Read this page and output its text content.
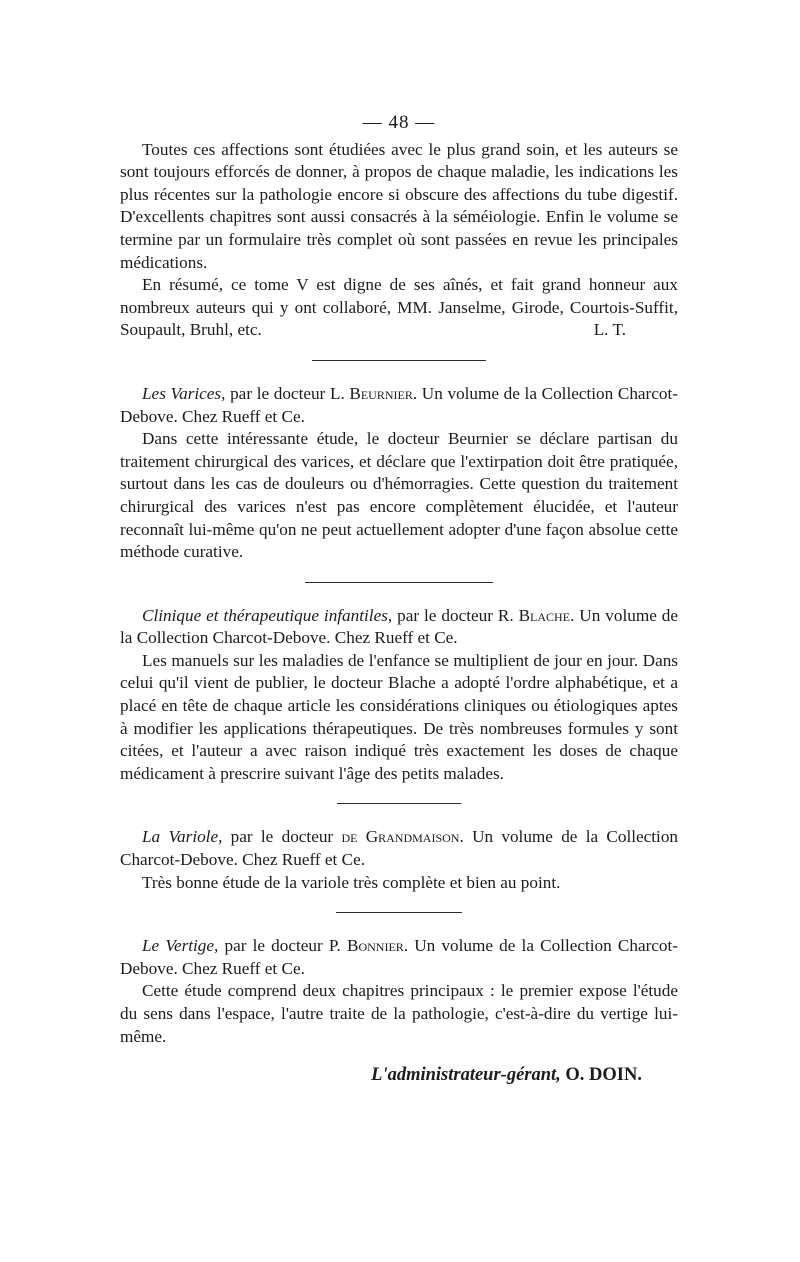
— 48 —

Toutes ces affections sont étudiées avec le plus grand soin, et les auteurs se sont toujours efforcés de donner, à propos de chaque maladie, les indications les plus récentes sur la pathologie encore si obscure des affections du tube digestif. D'excellents chapitres sont aussi consacrés à la séméiologie. Enfin le volume se termine par un formulaire très complet où sont passées en revue les principales médications.

En résumé, ce tome V est digne de ses aînés, et fait grand honneur aux nombreux auteurs qui y ont collaboré, MM. Janselme, Girode, Courtois-Suffit, Soupault, Bruhl, etc.	L. T.

Les Varices, par le docteur L. Beurnier. Un volume de la Collection Charcot-Debove. Chez Rueff et Ce.

Dans cette intéressante étude, le docteur Beurnier se déclare partisan du traitement chirurgical des varices, et déclare que l'extirpation doit être pratiquée, surtout dans les cas de douleurs ou d'hémorragies. Cette question du traitement chirurgical des varices n'est pas encore complètement élucidée, et l'auteur reconnaît lui-même qu'on ne peut actuellement adopter d'une façon absolue cette méthode curative.

Clinique et thérapeutique infantiles, par le docteur R. Blache. Un volume de la Collection Charcot-Debove. Chez Rueff et Ce.

Les manuels sur les maladies de l'enfance se multiplient de jour en jour. Dans celui qu'il vient de publier, le docteur Blache a adopté l'ordre alphabétique, et a placé en tête de chaque article les considérations cliniques ou étiologiques aptes à modifier les applications thérapeutiques. De très nombreuses formules y sont citées, et l'auteur a avec raison indiqué très exactement les doses de chaque médicament à prescrire suivant l'âge des petits malades.

La Variole, par le docteur de Grandmaison. Un volume de la Collection Charcot-Debove. Chez Rueff et Ce.

Très bonne étude de la variole très complète et bien au point.

Le Vertige, par le docteur P. Bonnier. Un volume de la Collection Charcot-Debove. Chez Rueff et Ce.

Cette étude comprend deux chapitres principaux : le premier expose l'étude du sens dans l'espace, l'autre traite de la pathologie, c'est-à-dire du vertige lui-même.

L'administrateur-gérant, O. DOIN.
